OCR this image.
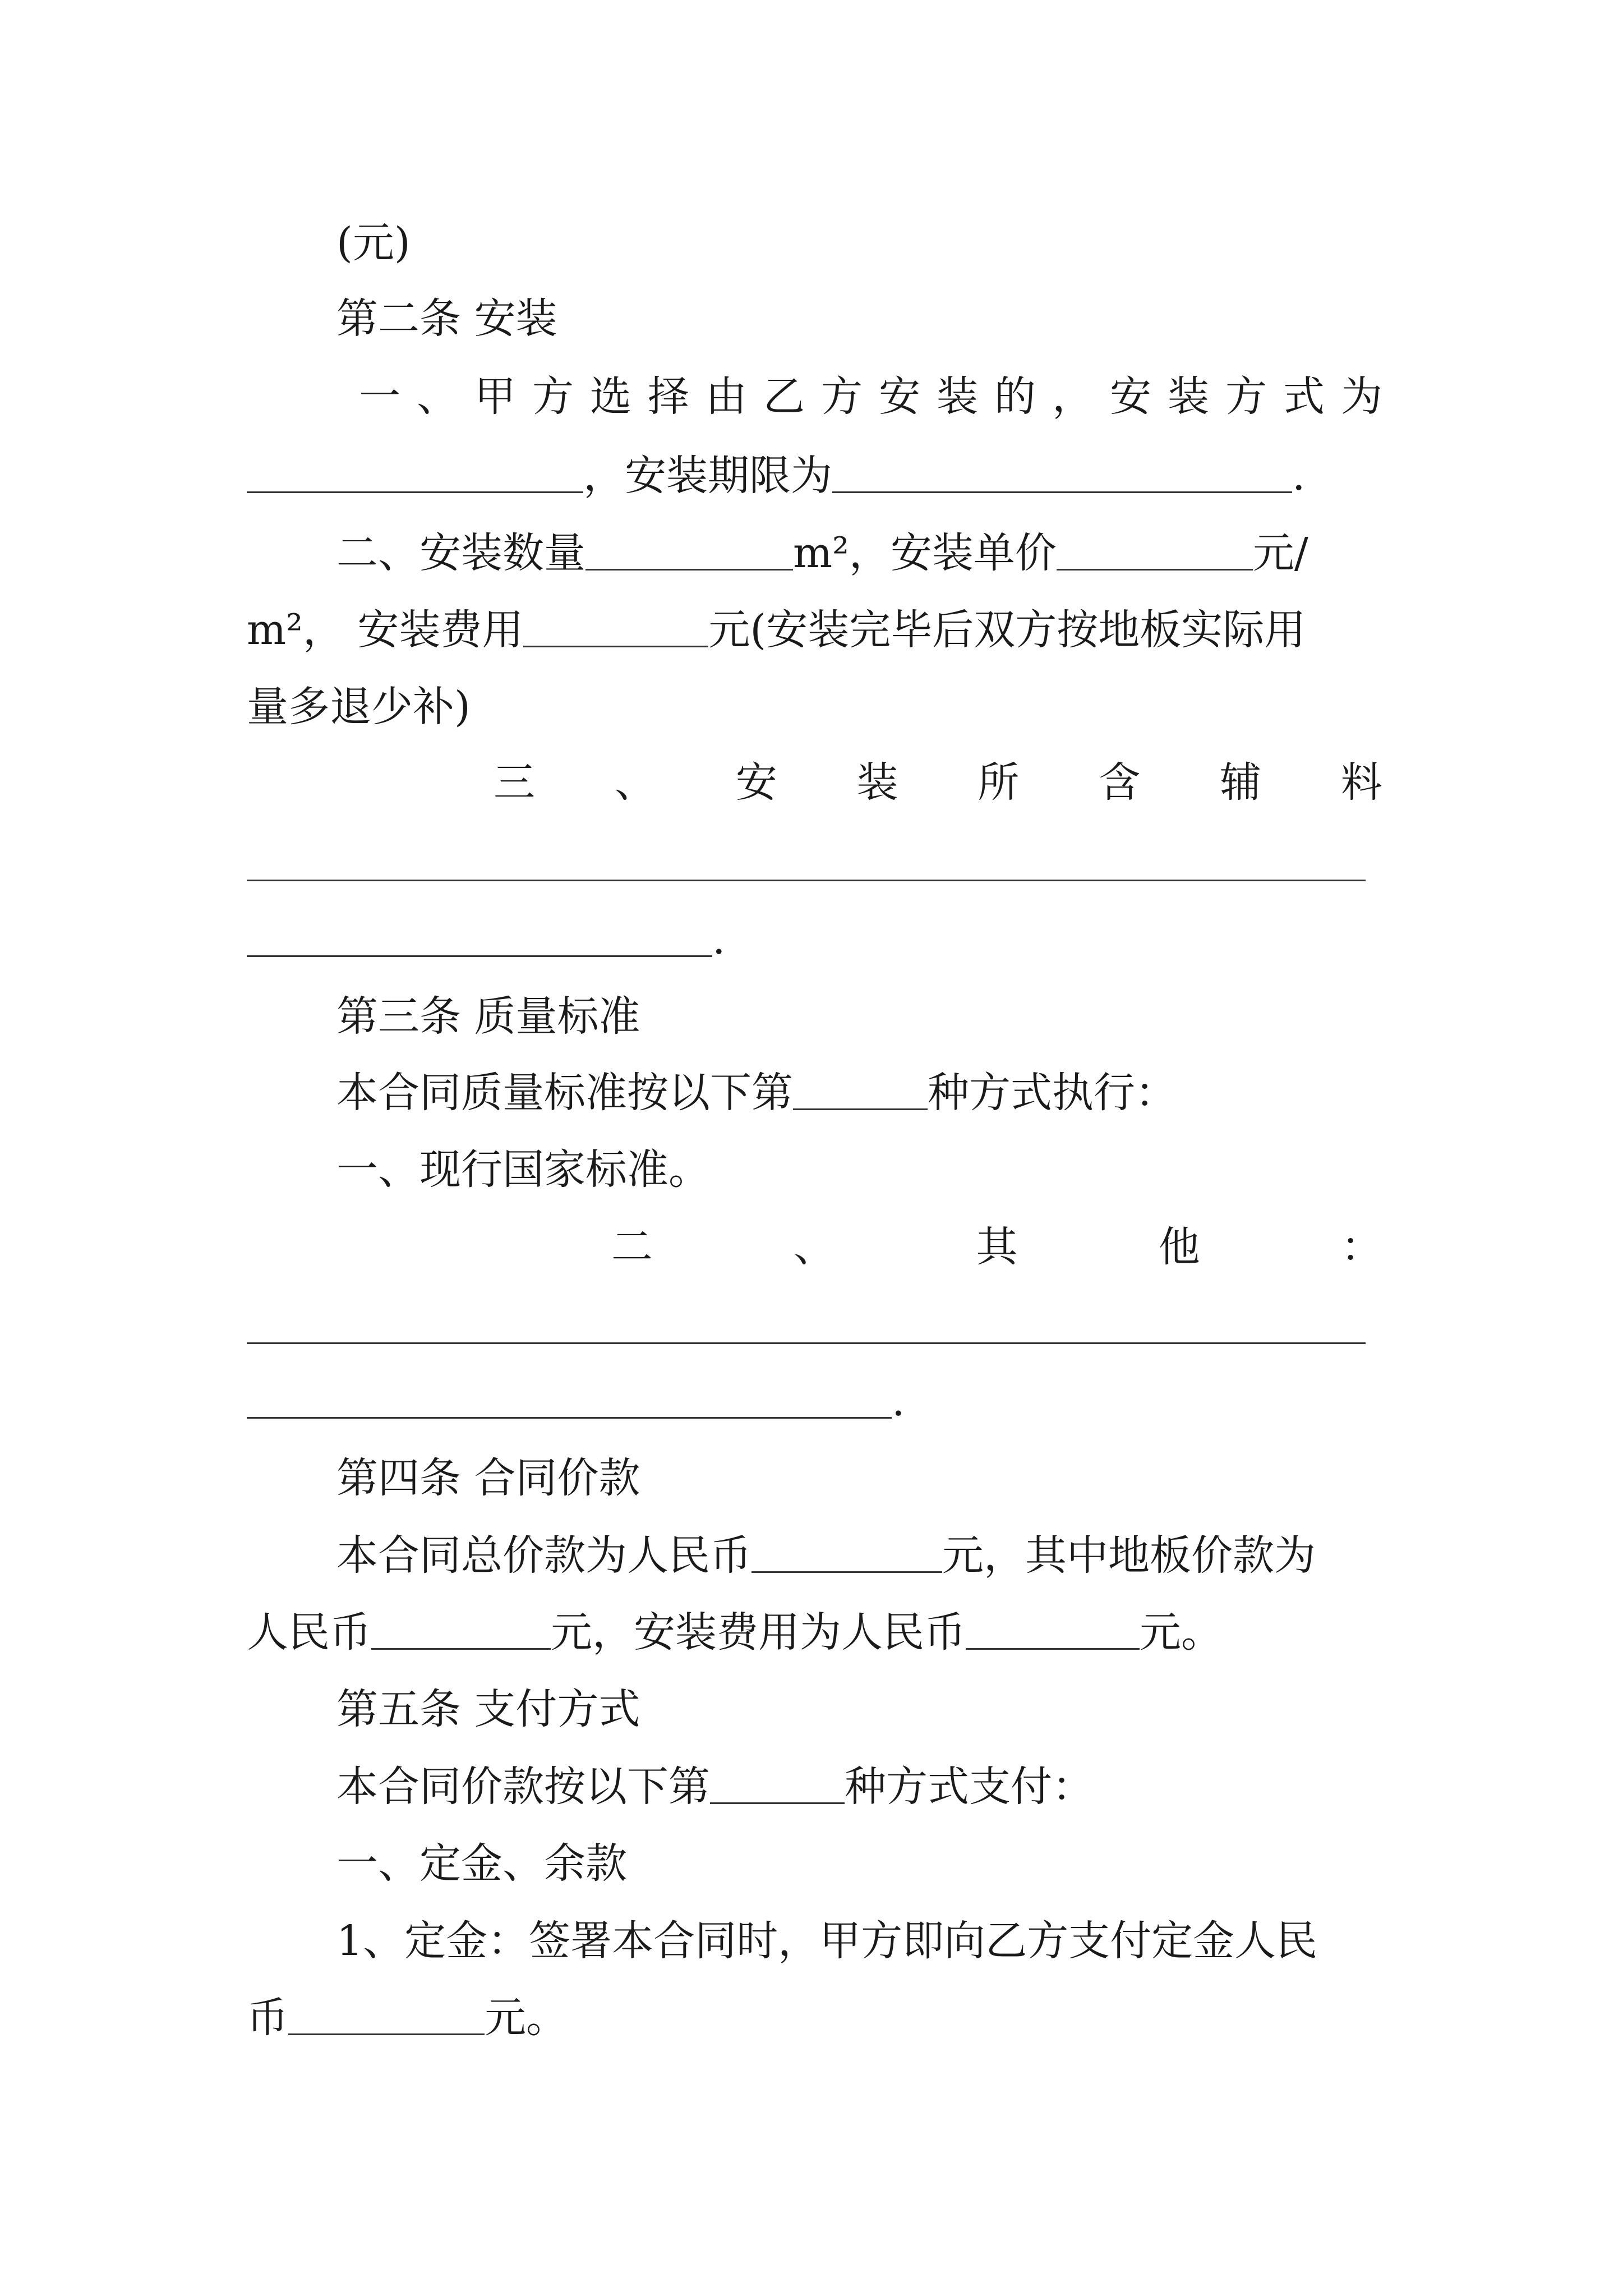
(元)
第二条 安装
一 、 甲 方 选 择 由 乙 方 安 装 的 ， 安 装 方 式 为
，安装期限为	.
二、安装数量	m²，安装单价	元/
m²， 安装费用	元(安装完毕后双方按地板实际用
量多退少补)
三 、 安 装 所 含 辅 料
.
第三条 质量标准
本合同质量标准按以下第	种方式执行：
一、现行国家标准。
二	、	其	他	：
.
第四条 合同价款
本合同总价款为人民币	元，其中地板价款为
人民币	元，安装费用为人民币	元。
第五条 支付方式
本合同价款按以下第	种方式支付：
一、定金、余款
1、定金：签署本合同时，甲方即向乙方支付定金人民
币	元。
